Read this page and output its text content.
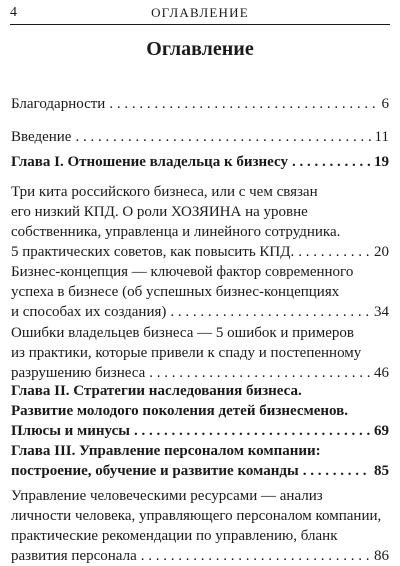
4	ОГЛАВЛЕНИЕ
Оглавление
Благодарности . . .	6
Введение . . .	11
Глава I. Отношение владельца к бизнесу . . .	19
Три кита российского бизнеса, или с чем связан
его низкий КПД. О роли ХОЗЯИНА на уровне
собственника, управленца и линейного сотрудника.
5 практических советов, как повысить КПД. . . .	20
Бизнес-концепция — ключевой фактор современного
успеха в бизнесе (об успешных бизнес-концепциях
и способах их создания) . . .	34
Ошибки владельцев бизнеса — 5 ошибок и примеров
из практики, которые привели к спаду и постепенному
разрушению бизнеса . . .	46
Глава II. Стратегии наследования бизнеса.
Развитие молодого поколения детей бизнесменов.
Плюсы и минусы . . .	69
Глава III. Управление персоналом компании:
построение, обучение и развитие команды . . .	85
Управление человеческими ресурсами — анализ
личности человека, управляющего персоналом компании,
практические рекомендации по управлению, бланк
развития персонала . . .	86
